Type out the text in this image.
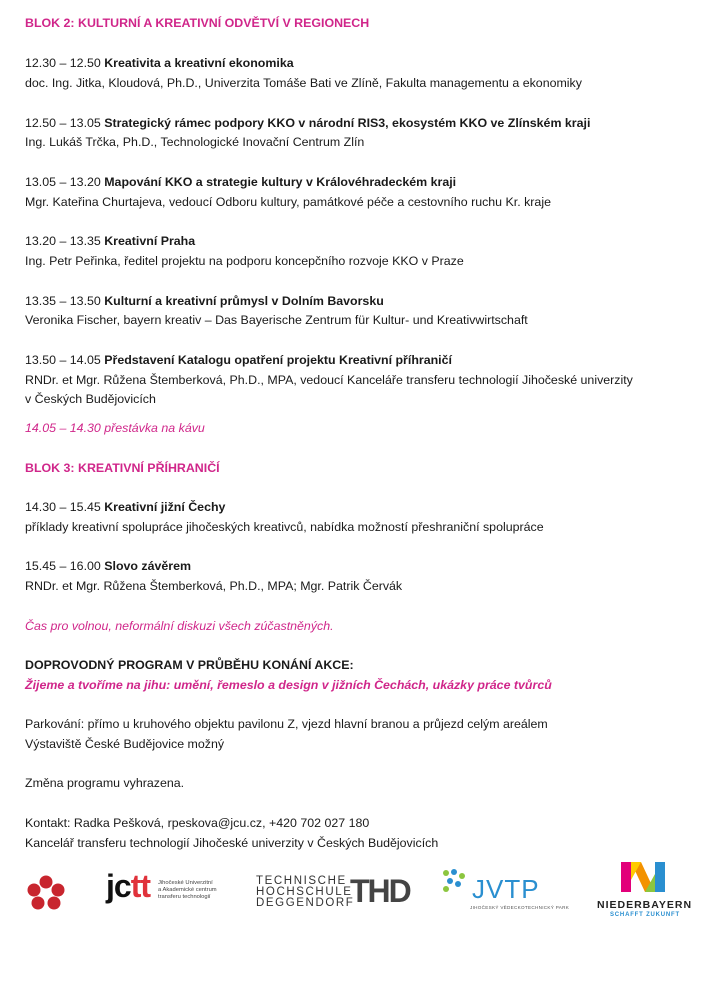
BLOK 2: KULTURNÍ A KREATIVNÍ ODVĚTVÍ V REGIONECH
12.30 – 12.50 Kreativita a kreativní ekonomika
doc. Ing. Jitka, Kloudová, Ph.D., Univerzita Tomáše Bati ve Zlíně, Fakulta managementu a ekonomiky
12.50 – 13.05 Strategický rámec podpory KKO v národní RIS3, ekosystém KKO ve Zlínském kraji
Ing. Lukáš Trčka, Ph.D., Technologické Inovační Centrum Zlín
13.05 – 13.20 Mapování KKO a strategie kultury v Královéhradeckém kraji
Mgr. Kateřina Churtajeva, vedoucí Odboru kultury, památkové péče a cestovního ruchu Kr. kraje
13.20 – 13.35 Kreativní Praha
Ing. Petr Peřinka, ředitel projektu na podporu koncepčního rozvoje KKO v Praze
13.35 – 13.50 Kulturní a kreativní průmysl v Dolním Bavorsku
Veronika Fischer, bayern kreativ – Das Bayerische Zentrum für Kultur- und Kreativwirtschaft
13.50 – 14.05 Představení Katalogu opatření projektu Kreativní příhraničí
RNDr. et Mgr. Růžena Štemberková, Ph.D., MPA, vedoucí Kanceláře transferu technologií Jihočeské univerzity
v Českých Budějovicích
14.05 – 14.30 přestávka na kávu
BLOK 3: KREATIVNÍ PŘÍHRANIČÍ
14.30 – 15.45 Kreativní jižní Čechy
příklady kreativní spolupráce jihočeských kreativců, nabídka možností přeshraniční spolupráce
15.45 – 16.00 Slovo závěrem
RNDr. et Mgr. Růžena Štemberková, Ph.D., MPA; Mgr. Patrik Červák
Čas pro volnou, neformální diskuzi všech zúčastněných.
DOPROVODNÝ PROGRAM V PRŮBĚHU KONÁNÍ AKCE:
Žijeme a tvoříme na jihu: umění, řemeslo a design v jižních Čechách, ukázky práce tvůrců
Parkování: přímo u kruhového objektu pavilonu Z, vjezd hlavní branou a průjezd celým areálem
Výstaviště České Budějovice možný
Změna programu vyhrazena.
Kontakt: Radka Pešková, rpeskova@jcu.cz, +420 702 027 180
Kancelář transferu technologií Jihočeské univerzity v Českých Budějovicích
jctt Jihočeské Univerzitní
a Akademické centrum
transferu technologií
TECHNISCHE
HOCHSCHULE
DEGGENDORF
THD JVTP
JIHOČESKÝ VĚDECKOTECHNICKÝ PARK	NIEDERBAYERN
SCHAFFT ZUKUNFT
